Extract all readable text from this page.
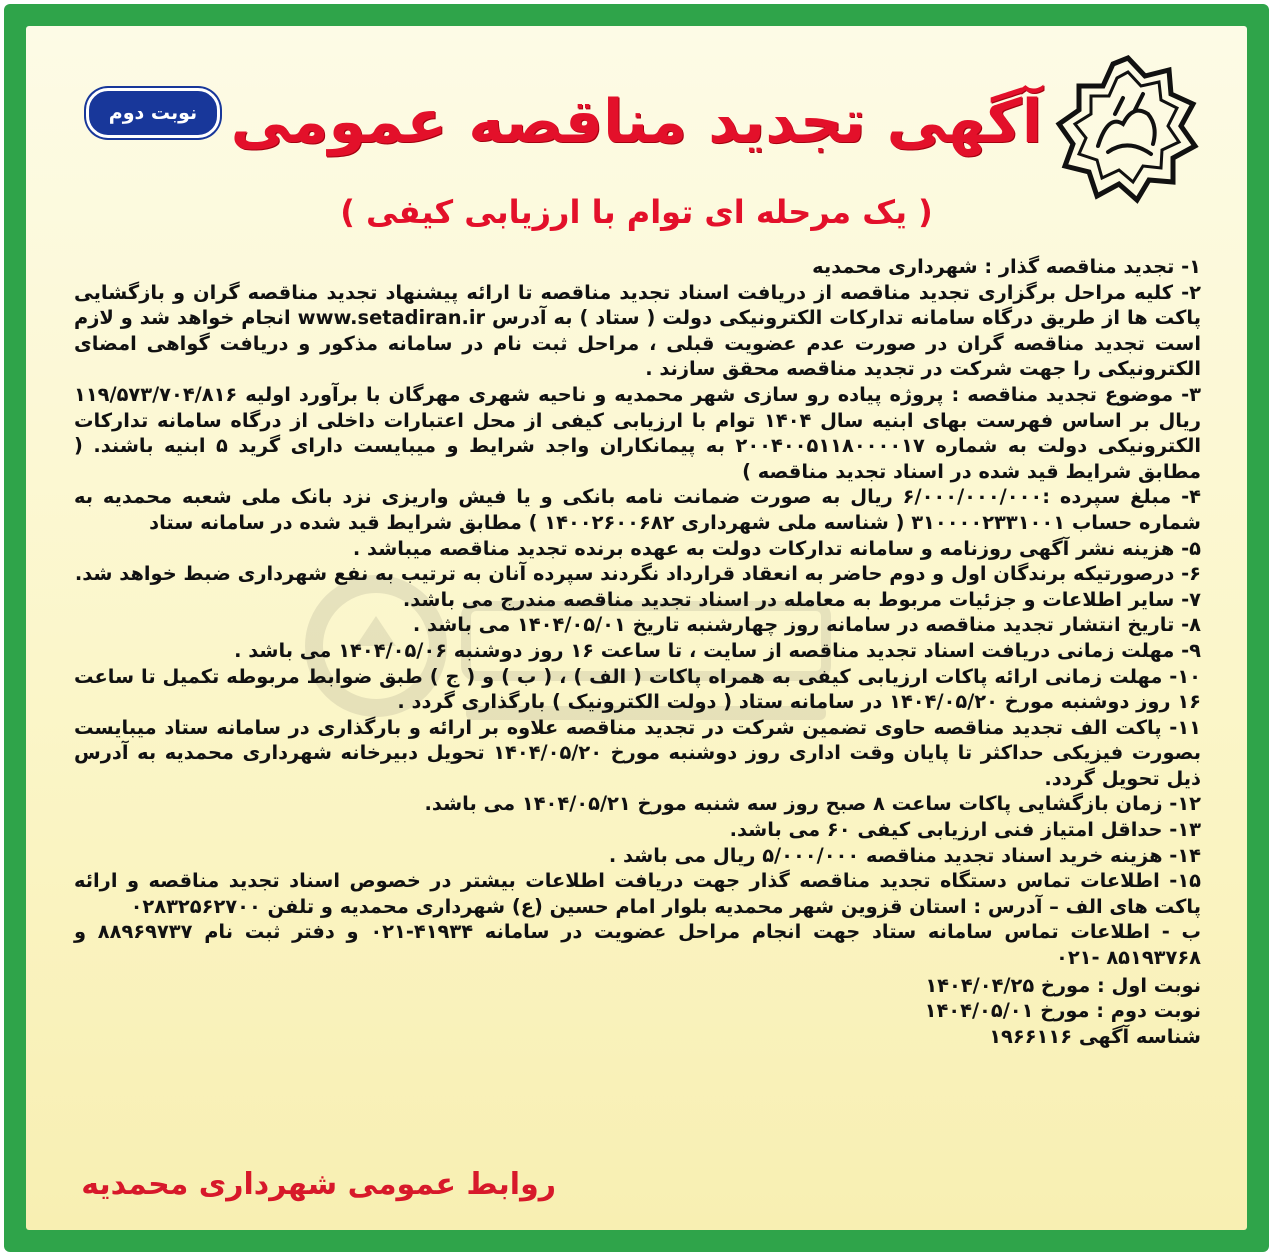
نوبت دوم آگهی تجدید مناقصه عمومی
( یک مرحله ای توام با ارزیابی کیفی )

۱- تجدید مناقصه گذار : شهرداری محمدیه

۲- کلیه مراحل برگزاری تجدید مناقصه از دریافت اسناد تجدید مناقصه تا ارائه پیشنهاد تجدید مناقصه گران و بازگشایی پاکت ها از طریق درگاه سامانه تدارکات الکترونیکی دولت ( ستاد ) به آدرس www.setadiran.ir انجام خواهد شد و لازم است تجدید مناقصه گران در صورت عدم عضویت قبلی ، مراحل ثبت نام در سامانه مذکور و دریافت گواهی امضای الکترونیکی را جهت شرکت در تجدید مناقصه محقق سازند .

۳- موضوع تجدید مناقصه : پروژه پیاده رو سازی شهر محمدیه و ناحیه شهری مهرگان با برآورد اولیه ۱۱۹/۵۷۳/۷۰۴/۸۱۶ ریال بر اساس فهرست بهای ابنیه سال ۱۴۰۴ توام با ارزیابی کیفی از محل اعتبارات داخلی از درگاه سامانه تدارکات الکترونیکی دولت به شماره ۲۰۰۴۰۰۵۱۱۸۰۰۰۰۱۷ به پیمانکاران واجد شرایط و میبایست دارای گرید ۵ ابنیه باشند. ( مطابق شرایط قید شده در اسناد تجدید مناقصه )

۴- مبلغ سپرده :۶/۰۰۰/۰۰۰/۰۰۰ ریال به صورت ضمانت نامه بانکی و یا فیش واریزی نزد بانک ملی شعبه محمدیه به شماره حساب ۳۱۰۰۰۰۲۳۳۱۰۰۱ ( شناسه ملی شهرداری ۱۴۰۰۲۶۰۰۶۸۲ ) مطابق شرایط قید شده در سامانه ستاد

۵- هزینه نشر آگهی روزنامه و سامانه تدارکات دولت به عهده برنده تجدید مناقصه میباشد .

۶- درصورتیکه برندگان اول و دوم حاضر به انعقاد قرارداد نگردند سپرده آنان به ترتیب به نفع شهرداری ضبط خواهد شد.

۷- سایر اطلاعات و جزئیات مربوط به معامله در اسناد تجدید مناقصه مندرج می باشد.

۸- تاریخ انتشار تجدید مناقصه در سامانه روز چهارشنبه تاریخ ۱۴۰۴/۰۵/۰۱ می باشد .

۹- مهلت زمانی دریافت اسناد تجدید مناقصه از سایت ، تا ساعت ۱۶ روز دوشنبه ۱۴۰۴/۰۵/۰۶ می باشد .

۱۰- مهلت زمانی ارائه پاکات ارزیابی کیفی به همراه پاکات ( الف ) ، ( ب ) و ( ج ) طبق ضوابط مربوطه تکمیل تا ساعت ۱۶ روز دوشنبه مورخ ۱۴۰۴/۰۵/۲۰ در سامانه ستاد ( دولت الکترونیک ) بارگذاری گردد .

۱۱- پاکت الف تجدید مناقصه حاوی تضمین شرکت در تجدید مناقصه علاوه بر ارائه و بارگذاری در سامانه ستاد میبایست بصورت فیزیکی حداکثر تا پایان وقت اداری روز دوشنبه مورخ ۱۴۰۴/۰۵/۲۰ تحویل دبیرخانه شهرداری محمدیه به آدرس ذیل تحویل گردد.

۱۲- زمان بازگشایی پاکات ساعت ۸ صبح روز سه شنبه مورخ ۱۴۰۴/۰۵/۲۱ می باشد.

۱۳- حداقل امتیاز فنی ارزیابی کیفی ۶۰ می باشد.

۱۴- هزینه خرید اسناد تجدید مناقصه ۵/۰۰۰/۰۰۰ ریال می باشد .

۱۵- اطلاعات تماس دستگاه تجدید مناقصه گذار جهت دریافت اطلاعات بیشتر در خصوص اسناد تجدید مناقصه و ارائه پاکت های الف – آدرس : استان قزوین شهر محمدیه بلوار امام حسین (ع) شهرداری محمدیه و تلفن ۰۲۸۳۲۵۶۲۷۰۰

ب - اطلاعات تماس سامانه ستاد جهت انجام مراحل عضویت در سامانه ۴۱۹۳۴-۰۲۱ و دفتر ثبت نام ۸۸۹۶۹۷۳۷ و ۸۵۱۹۳۷۶۸ -۰۲۱

نوبت اول : مورخ ۱۴۰۴/۰۴/۲۵

نوبت دوم : مورخ ۱۴۰۴/۰۵/۰۱

شناسه آگهی ۱۹۶۶۱۱۶

روابط عمومی شهرداری محمدیه
